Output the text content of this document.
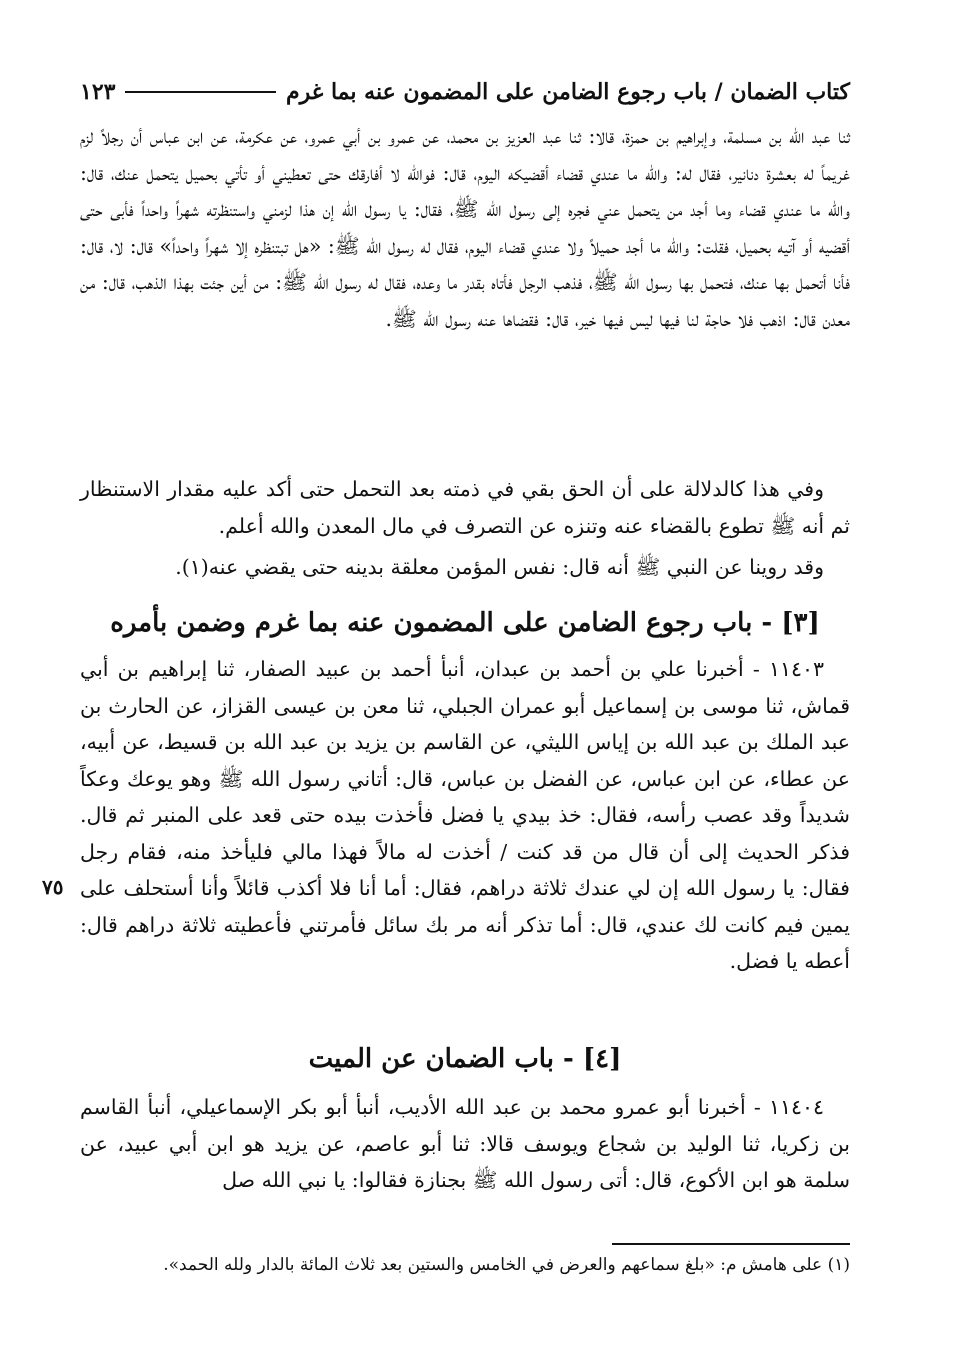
كتاب الضمان / باب رجوع الضامن على المضمون عنه بما غرم
١٢٣

ثنا عبد الله بن مسلمة، وإبراهيم بن حمزة، قالا: ثنا عبد العزيز بن محمد، عن عمرو بن أبي عمرو، عن عكرمة، عن ابن عباس أن رجلاً لزم غريماً له بعشرة دنانير، فقال له: والله ما عندي قضاء أقضيكه اليوم، قال: فوالله لا أفارقك حتى تعطيني أو تأتي بحميل يتحمل عنك، قال: والله ما عندي قضاء وما أجد من يتحمل عني فجره إلى رسول الله ﷺ، فقال: يا رسول الله إن هذا لزمني واستنظرته شهراً واحداً فأبى حتى أقضيه أو آتيه بحميل، فقلت: والله ما أجد حميلاً ولا عندي قضاء اليوم، فقال له رسول الله ﷺ: «هل تبتنظره إلا شهراً واحداً» قال: لا، قال: فأنا أتحمل بها عنك، فتحمل بها رسول الله ﷺ، فذهب الرجل فأتاه بقدر ما وعده، فقال له رسول الله ﷺ: من أين جئت بهذا الذهب، قال: من معدن قال: اذهب فلا حاجة لنا فيها ليس فيها خير، قال: فقضاها عنه رسول الله ﷺ.

وفي هذا كالدلالة على أن الحق بقي في ذمته بعد التحمل حتى أكد عليه مقدار الاستنظار ثم أنه ﷺ تطوع بالقضاء عنه وتنزه عن التصرف في مال المعدن والله أعلم.

وقد روينا عن النبي ﷺ أنه قال: نفس المؤمن معلقة بدينه حتى يقضي عنه(١).

[٣] - باب رجوع الضامن على المضمون عنه بما غرم وضمن بأمره

١١٤٠٣ - أخبرنا علي بن أحمد بن عبدان، أنبأ أحمد بن عبيد الصفار، ثنا إبراهيم بن أبي قماش، ثنا موسى بن إسماعيل أبو عمران الجبلي، ثنا معن بن عيسى القزاز، عن الحارث بن عبد الملك بن عبد الله بن إياس الليثي، عن القاسم بن يزيد بن عبد الله بن قسيط، عن أبيه، عن عطاء، عن ابن عباس، عن الفضل بن عباس، قال: أتاني رسول الله ﷺ وهو يوعك وعكاً شديداً وقد عصب رأسه، فقال: خذ بيدي يا فضل فأخذت بيده حتى قعد على المنبر ثم قال. فذكر الحديث إلى أن قال من قد كنت / أخذت له مالاً فهذا مالي فليأخذ منه، فقام رجل فقال: يا رسول الله إن لي عندك ثلاثة دراهم، فقال: أما أنا فلا أكذب قائلاً وأنا أستحلف على يمين فيم كانت لك عندي، قال: أما تذكر أنه مر بك سائل فأمرتني فأعطيته ثلاثة دراهم قال: أعطه يا فضل.

[٤] - باب الضمان عن الميت

١١٤٠٤ - أخبرنا أبو عمرو محمد بن عبد الله الأديب، أنبأ أبو بكر الإسماعيلي، أنبأ القاسم بن زكريا، ثنا الوليد بن شجاع ويوسف قالا: ثنا أبو عاصم، عن يزيد هو ابن أبي عبيد، عن سلمة هو ابن الأكوع، قال: أتى رسول الله ﷺ بجنازة فقالوا: يا نبي الله صل

٧٥
(١) على هامش م: «بلغ سماعهم والعرض في الخامس والستين بعد ثلاث المائة بالدار ولله الحمد».
